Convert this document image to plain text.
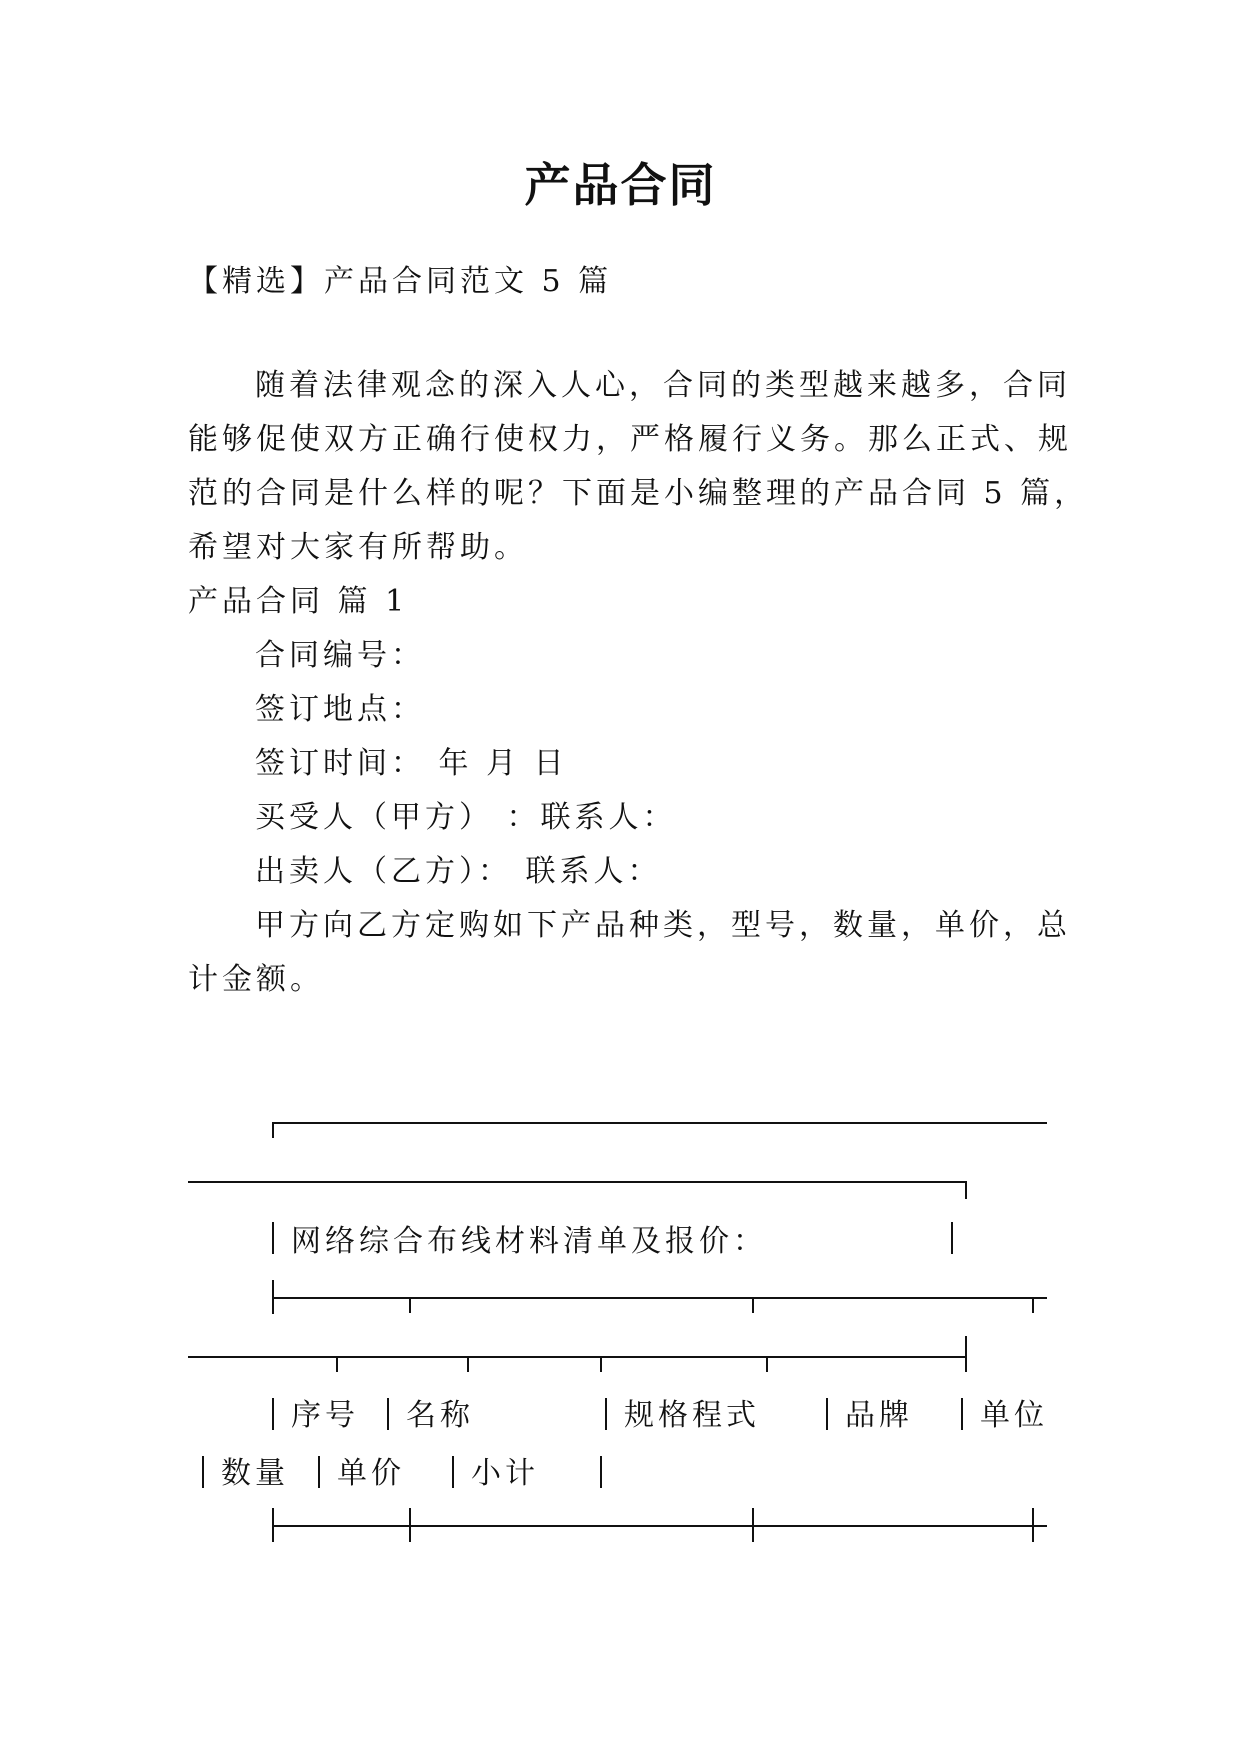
产品合同
【精选】产品合同范文 5 篇
随着法律观念的深入人心，合同的类型越来越多，合同
能够促使双方正确行使权力，严格履行义务。那么正式、规
范的合同是什么样的呢？下面是小编整理的产品合同 5 篇，
希望对大家有所帮助。
产品合同 篇 1
合同编号：
签订地点：
签订时间： 年 月 日
买受人（甲方） ：联系人：
出卖人（乙方）： 联系人：
甲方向乙方定购如下产品种类，型号，数量，单价，总
计金额。
网络综合布线材料清单及报价：
序号 名称	规格程式	品牌 单位
数量 单价 小计
